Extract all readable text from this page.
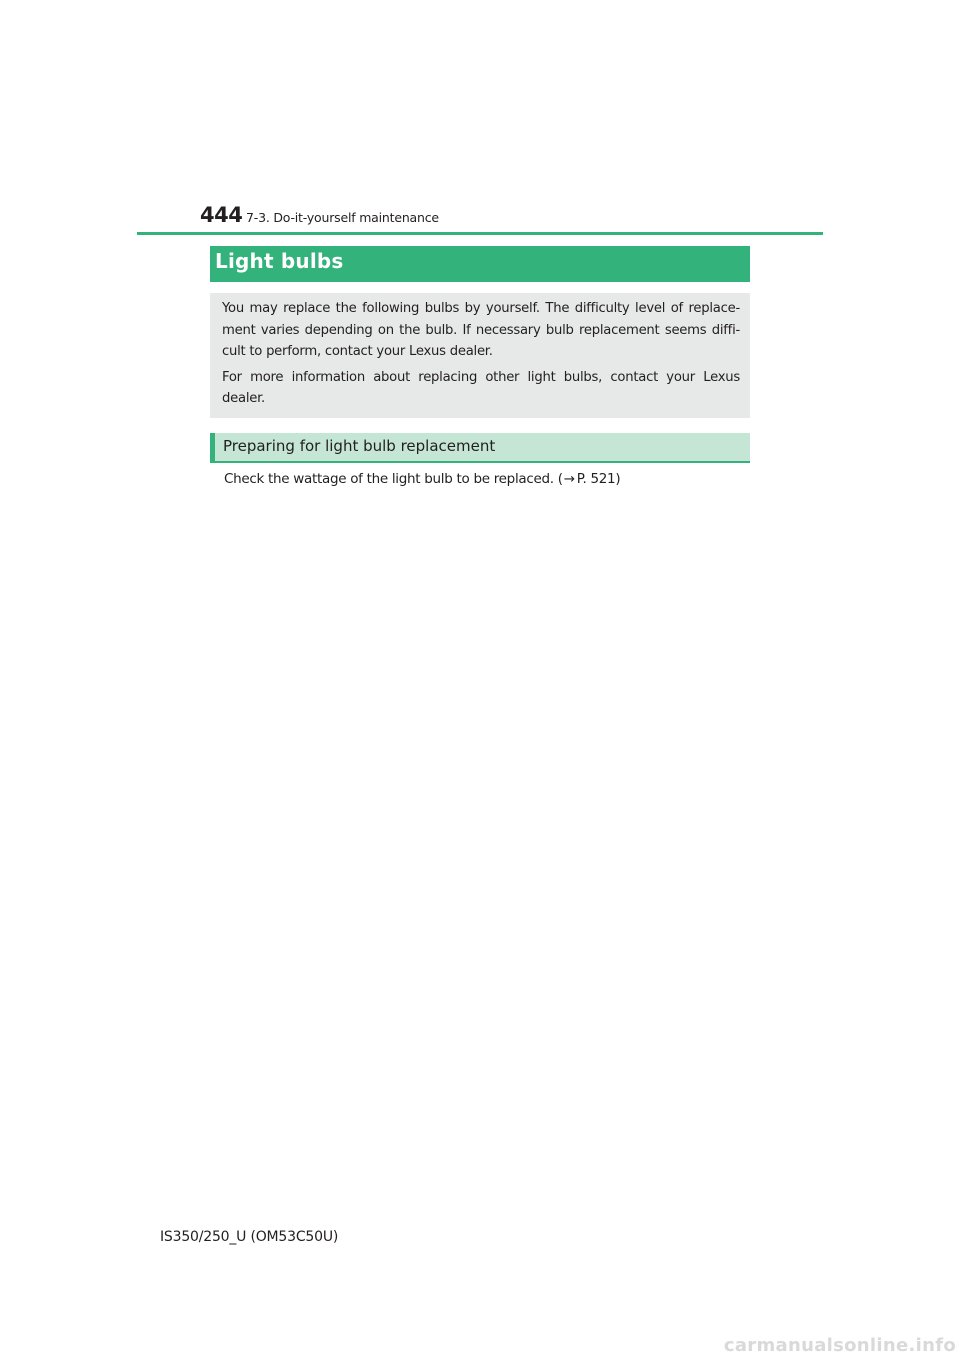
444 7-3. Do-it-yourself maintenance
Light bulbs

You may replace the following bulbs by yourself. The difficulty level of replace-ment varies depending on the bulb. If necessary bulb replacement seems diffi-cult to perform, contact your Lexus dealer.

For more information about replacing other light bulbs, contact your Lexus dealer.

Preparing for light bulb replacement
Check the wattage of the light bulb to be replaced. (→ P. 521)
IS350/250_U (OM53C50U)
carmanualsonline.info
